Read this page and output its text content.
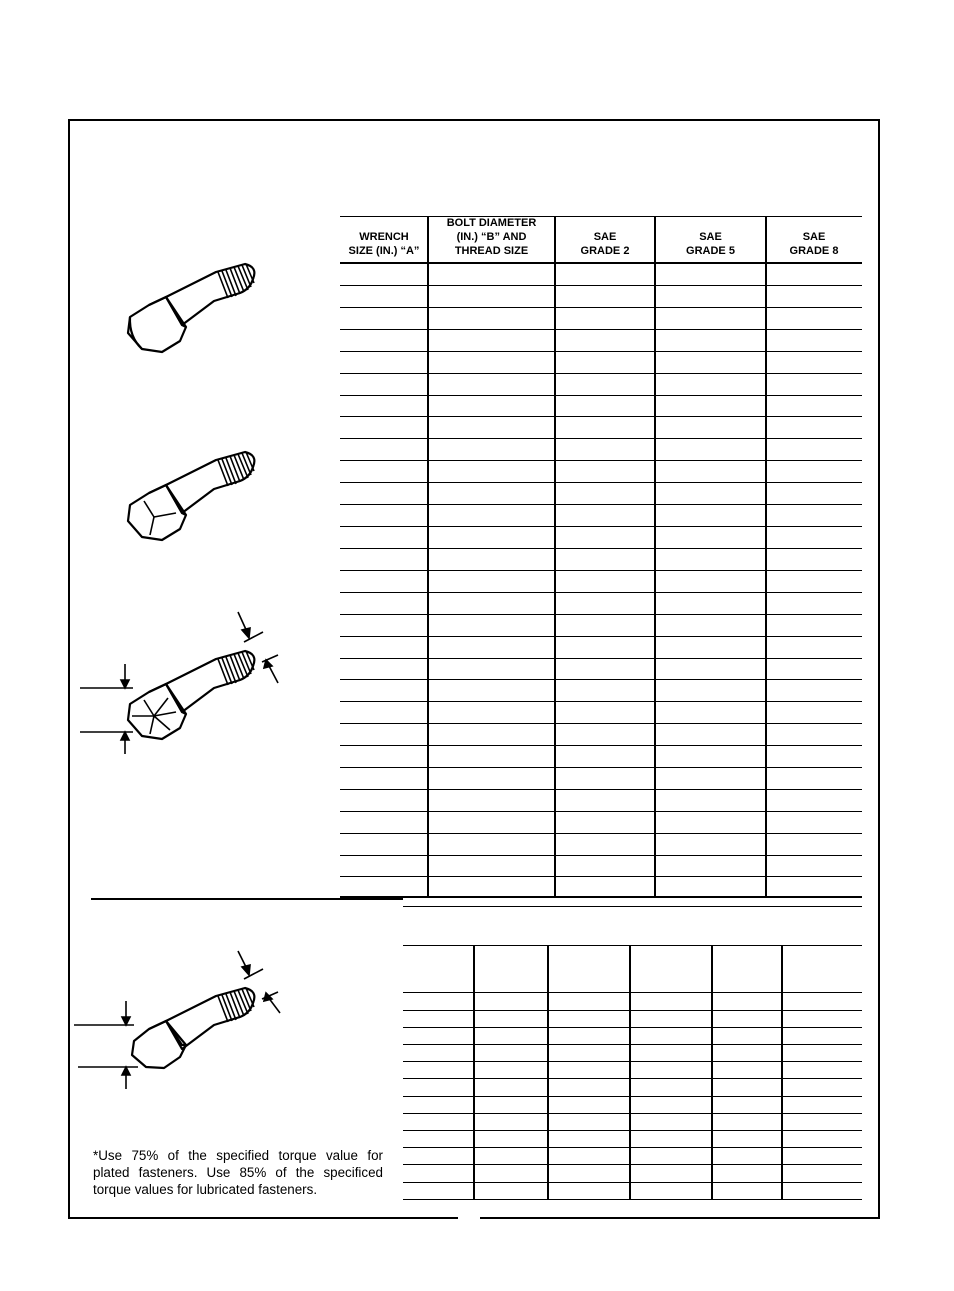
WRENCH
SIZE (IN.) “A”
BOLT DIAMETER
(IN.) “B” AND
THREAD SIZE
SAE
GRADE 2
SAE
GRADE 5
SAE
GRADE 8
*Use 75% of the specified torque value for plated fasteners. Use 85% of the specificed torque values for lubricated fasteners.
